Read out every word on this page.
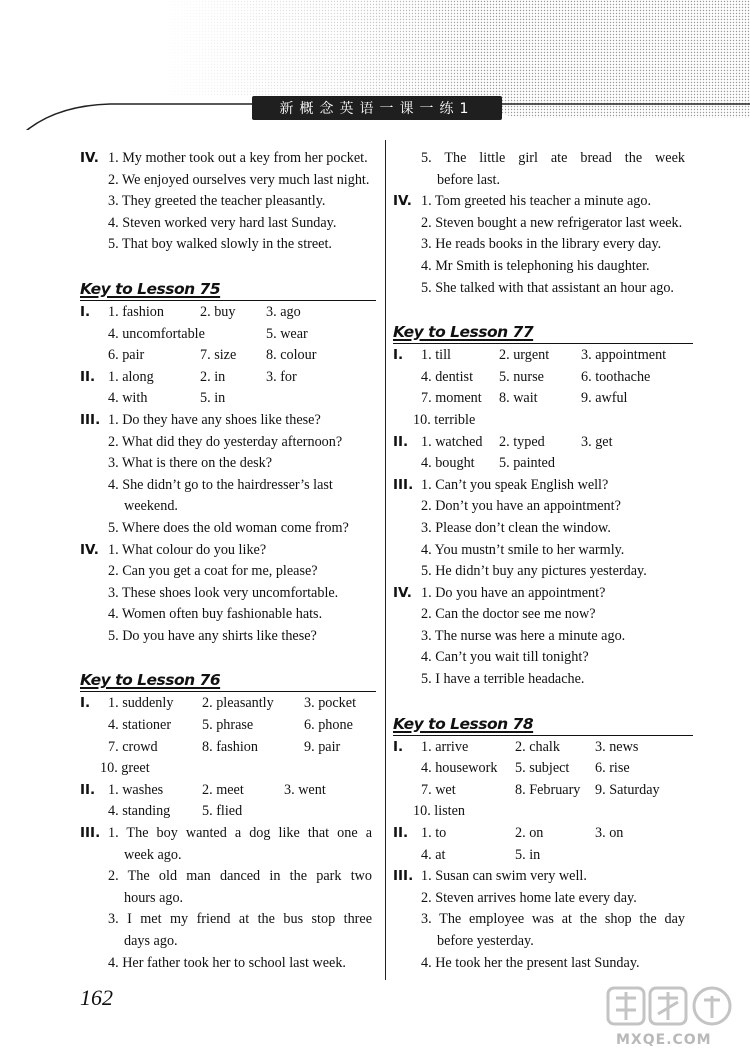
新概念英语一课一练1
IV. 1. My mother took out a key from her pocket.
2. We enjoyed ourselves very much last night.
3. They greeted the teacher pleasantly.
4. Steven worked very hard last Sunday.
5. That boy walked slowly in the street.
Key to Lesson 75
I. 1. fashion	2. buy	3. ago
4. uncomfortable	5. wear
6. pair	7. size	8. colour
II. 1. along	2. in	3. for
4. with	5. in
III. 1. Do they have any shoes like these?
2. What did they do yesterday afternoon?
3. What is there on the desk?
4. She didn’t go to the hairdresser’s last
weekend.
5. Where does the old woman come from?
IV. 1. What colour do you like?
2. Can you get a coat for me, please?
3. These shoes look very uncomfortable.
4. Women often buy fashionable hats.
5. Do you have any shirts like these?
Key to Lesson 76
I. 1. suddenly	2. pleasantly	3. pocket
4. stationer	5. phrase	6. phone
7. crowd	8. fashion	9. pair
10. greet
II. 1. washes	2. meet	3. went
4. standing	5. flied
III. 1. The boy wanted a dog like that one a
week ago.
2. The old man danced in the park two
hours ago.
3. I met my friend at the bus stop three
days ago.
4. Her father took her to school last week.
5. The little girl ate bread the week
before last.
IV. 1. Tom greeted his teacher a minute ago.
2. Steven bought a new refrigerator last week.
3. He reads books in the library every day.
4. Mr Smith is telephoning his daughter.
5. She talked with that assistant an hour ago.
Key to Lesson 77
I. 1. till	2. urgent	3. appointment
4. dentist	5. nurse	6. toothache
7. moment	8. wait	9. awful
10. terrible
II. 1. watched	2. typed	3. get
4. bought	5. painted
III. 1. Can’t you speak English well?
2. Don’t you have an appointment?
3. Please don’t clean the window.
4. You mustn’t smile to her warmly.
5. He didn’t buy any pictures yesterday.
IV. 1. Do you have an appointment?
2. Can the doctor see me now?
3. The nurse was here a minute ago.
4. Can’t you wait till tonight?
5. I have a terrible headache.
Key to Lesson 78
I. 1. arrive	2. chalk	3. news
4. housework	5. subject	6. rise
7. wet	8. February	9. Saturday
10. listen
II. 1. to	2. on	3. on
4. at	5. in
III. 1. Susan can swim very well.
2. Steven arrives home late every day.
3. The employee was at the shop the day
before yesterday.
4. He took her the present last Sunday.
162
MXQE.COM
